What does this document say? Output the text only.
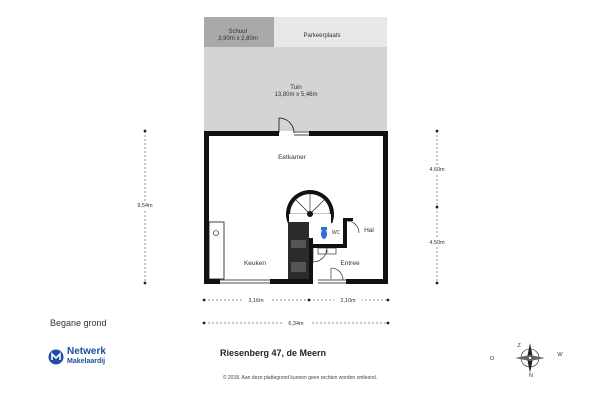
Schuur
3,90m x 2,80m	Parkeerplaats
Tuin
13,80m x 5,46m
WC
E
Eetkamer
Keuken
Hal
Entree
9,54m
4,60m
4,50m
3,16m	2,10m
6,34m
Z
N
O
W
Begane grond
Netwerk
Makelaardij
Riesenberg 47, de Meern
© 2018. Aan deze plattegrond kunnen geen rechten worden ontleend.
